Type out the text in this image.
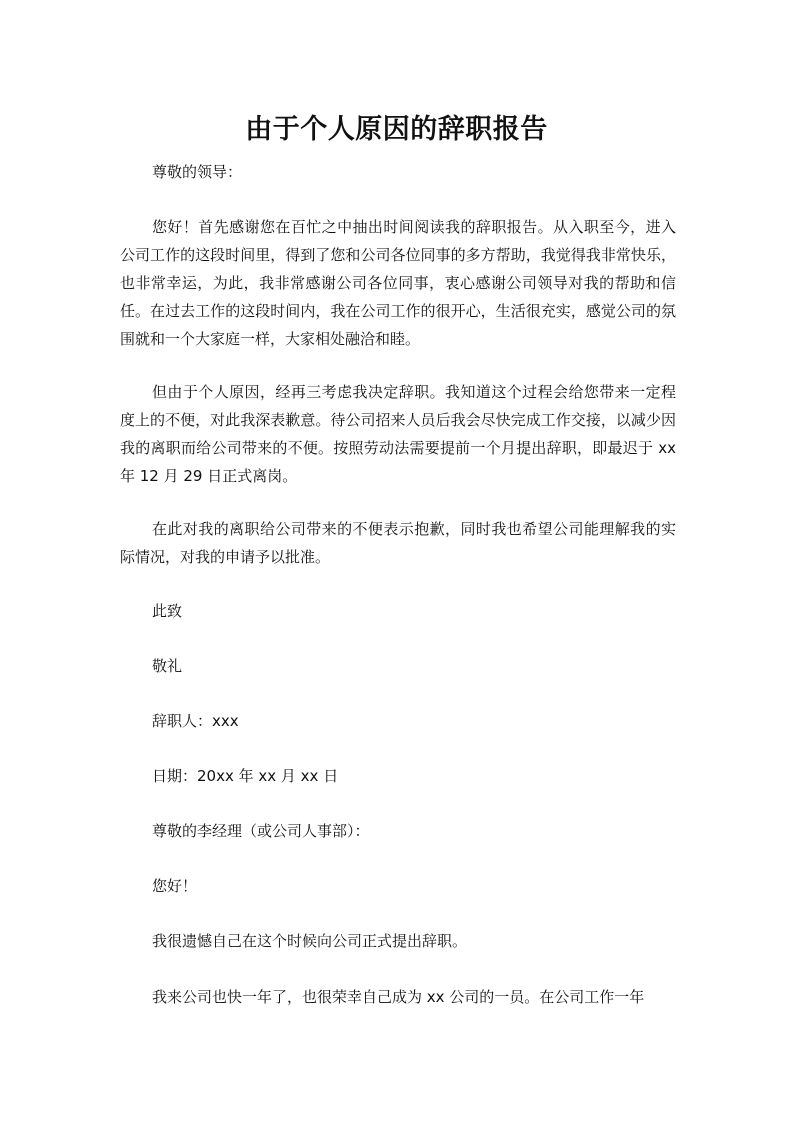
由于个人原因的辞职报告

尊敬的领导：

您好！首先感谢您在百忙之中抽出时间阅读我的辞职报告。从入职至今，进入公司工作的这段时间里，得到了您和公司各位同事的多方帮助，我觉得我非常快乐，也非常幸运，为此，我非常感谢公司各位同事，衷心感谢公司领导对我的帮助和信任。在过去工作的这段时间内，我在公司工作的很开心，生活很充实，感觉公司的氛围就和一个大家庭一样，大家相处融洽和睦。

但由于个人原因，经再三考虑我决定辞职。我知道这个过程会给您带来一定程度上的不便，对此我深表歉意。待公司招来人员后我会尽快完成工作交接，以减少因我的离职而给公司带来的不便。按照劳动法需要提前一个月提出辞职，即最迟于 xx 年 12 月 29 日正式离岗。

在此对我的离职给公司带来的不便表示抱歉，同时我也希望公司能理解我的实际情况，对我的申请予以批准。

此致

敬礼

辞职人：xxx

日期：20xx 年 xx 月 xx 日

尊敬的李经理（或公司人事部）：

您好！

我很遗憾自己在这个时候向公司正式提出辞职。

我来公司也快一年了，也很荣幸自己成为 xx 公司的一员。在公司工作一年
